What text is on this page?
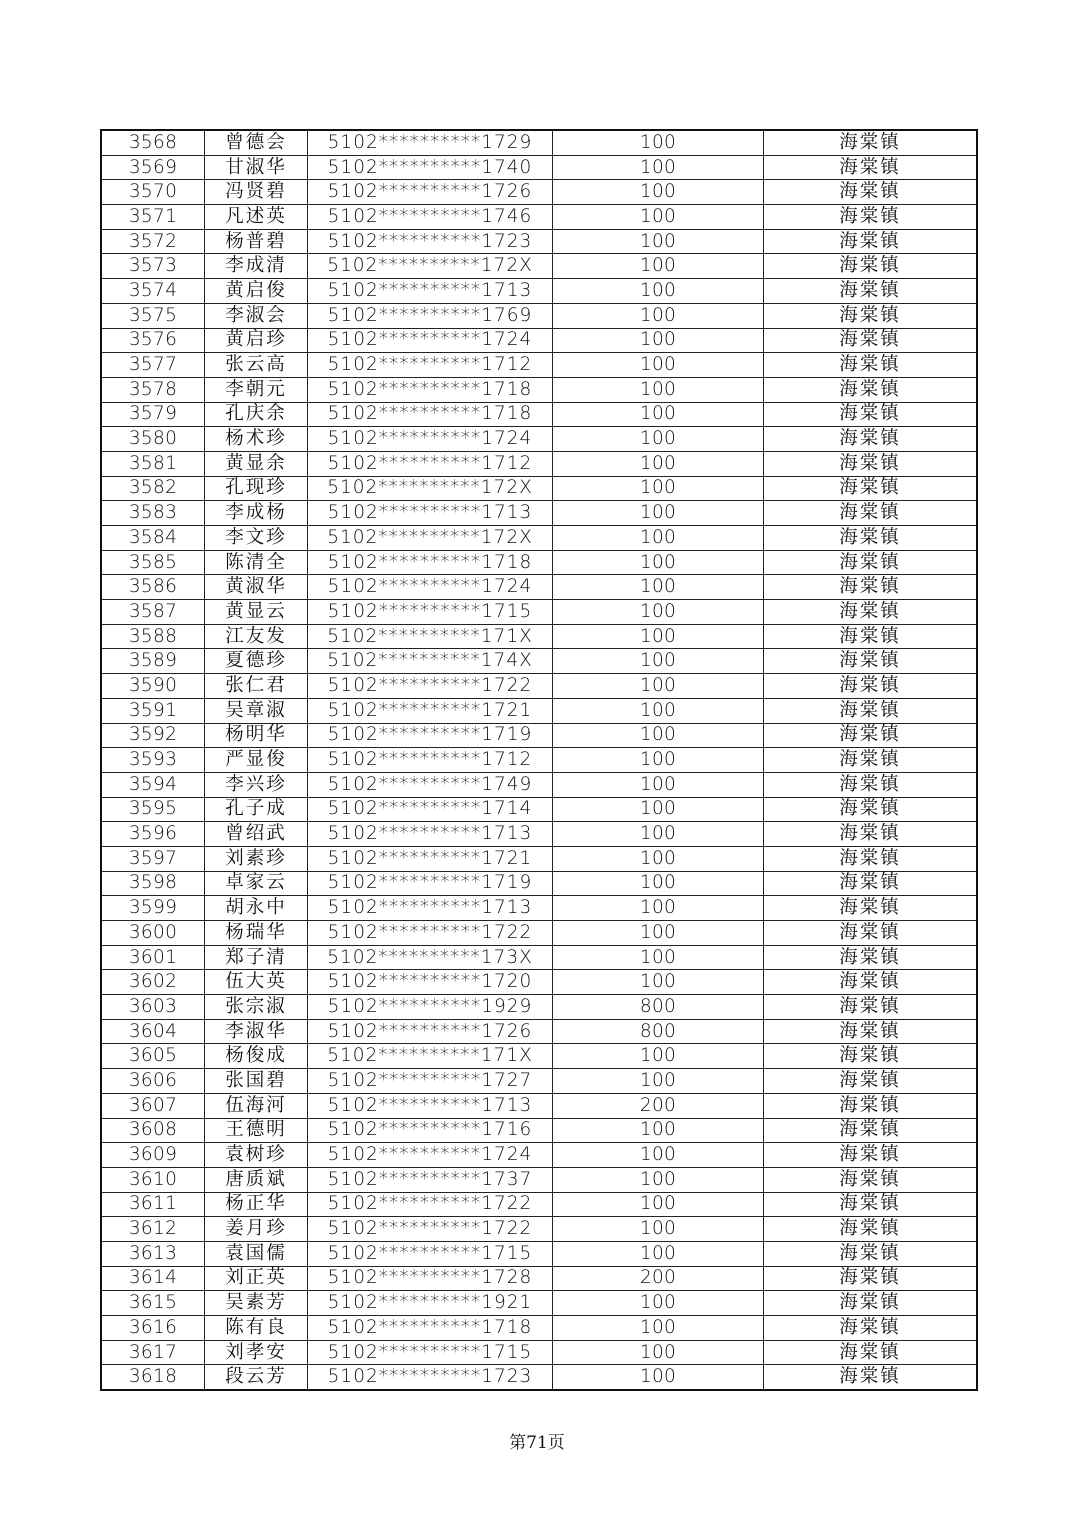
3568	曾德会	5102**********1729	100	海棠镇
3569	甘淑华	5102**********1740	100	海棠镇
3570	冯贤碧	5102**********1726	100	海棠镇
3571	凡述英	5102**********1746	100	海棠镇
3572	杨普碧	5102**********1723	100	海棠镇
3573	李成清	5102**********172X	100	海棠镇
3574	黄启俊	5102**********1713	100	海棠镇
3575	李淑会	5102**********1769	100	海棠镇
3576	黄启珍	5102**********1724	100	海棠镇
3577	张云高	5102**********1712	100	海棠镇
3578	李朝元	5102**********1718	100	海棠镇
3579	孔庆余	5102**********1718	100	海棠镇
3580	杨术珍	5102**********1724	100	海棠镇
3581	黄显余	5102**********1712	100	海棠镇
3582	孔现珍	5102**********172X	100	海棠镇
3583	李成杨	5102**********1713	100	海棠镇
3584	李文珍	5102**********172X	100	海棠镇
3585	陈清全	5102**********1718	100	海棠镇
3586	黄淑华	5102**********1724	100	海棠镇
3587	黄显云	5102**********1715	100	海棠镇
3588	江友发	5102**********171X	100	海棠镇
3589	夏德珍	5102**********174X	100	海棠镇
3590	张仁君	5102**********1722	100	海棠镇
3591	吴章淑	5102**********1721	100	海棠镇
3592	杨明华	5102**********1719	100	海棠镇
3593	严显俊	5102**********1712	100	海棠镇
3594	李兴珍	5102**********1749	100	海棠镇
3595	孔子成	5102**********1714	100	海棠镇
3596	曾绍武	5102**********1713	100	海棠镇
3597	刘素珍	5102**********1721	100	海棠镇
3598	卓家云	5102**********1719	100	海棠镇
3599	胡永中	5102**********1713	100	海棠镇
3600	杨瑞华	5102**********1722	100	海棠镇
3601	郑子清	5102**********173X	100	海棠镇
3602	伍大英	5102**********1720	100	海棠镇
3603	张宗淑	5102**********1929	800	海棠镇
3604	李淑华	5102**********1726	800	海棠镇
3605	杨俊成	5102**********171X	100	海棠镇
3606	张国碧	5102**********1727	100	海棠镇
3607	伍海河	5102**********1713	200	海棠镇
3608	王德明	5102**********1716	100	海棠镇
3609	袁树珍	5102**********1724	100	海棠镇
3610	唐质斌	5102**********1737	100	海棠镇
3611	杨正华	5102**********1722	100	海棠镇
3612	姜月珍	5102**********1722	100	海棠镇
3613	袁国儒	5102**********1715	100	海棠镇
3614	刘正英	5102**********1728	200	海棠镇
3615	吴素芳	5102**********1921	100	海棠镇
3616	陈有良	5102**********1718	100	海棠镇
3617	刘孝安	5102**********1715	100	海棠镇
3618	段云芳	5102**********1723	100	海棠镇
第71页
